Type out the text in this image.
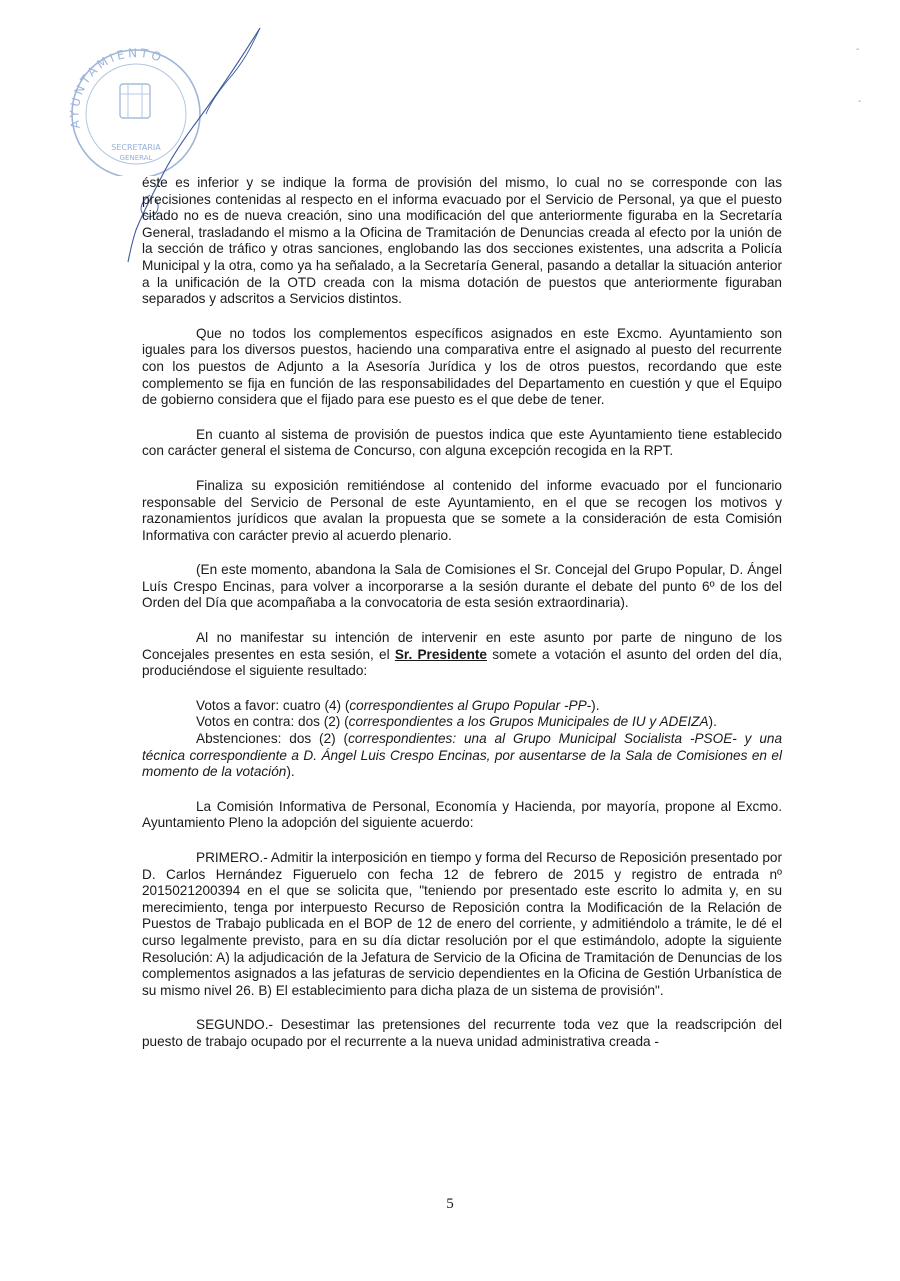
AYUNTAMIENTO
SECRETARIA
GENERAL
-
-

éste es inferior y se indique la forma de provisión del mismo, lo cual no se corresponde con las precisiones contenidas al respecto en el informa evacuado por el Servicio de Personal, ya que el puesto citado no es de nueva creación, sino una modificación del que anteriormente figuraba en la Secretaría General, trasladando el mismo a la Oficina de Tramitación de Denuncias creada al efecto por la unión de la sección de tráfico y otras sanciones, englobando las dos secciones existentes, una adscrita a Policía Municipal y la otra, como ya ha señalado, a la Secretaría General, pasando a detallar la situación anterior a la unificación de la OTD creada con la misma dotación de puestos que anteriormente figuraban separados y adscritos a Servicios distintos.

Que no todos los complementos específicos asignados en este Excmo. Ayuntamiento son iguales para los diversos puestos, haciendo una comparativa entre el asignado al puesto del recurrente con los puestos de Adjunto a la Asesoría Jurídica y los de otros puestos, recordando que este complemento se fija en función de las responsabilidades del Departamento en cuestión y que el Equipo de gobierno considera que el fijado para ese puesto es el que debe de tener.

En cuanto al sistema de provisión de puestos indica que este Ayuntamiento tiene establecido con carácter general el sistema de Concurso, con alguna excepción recogida en la RPT.

Finaliza su exposición remitiéndose al contenido del informe evacuado por el funcionario responsable del Servicio de Personal de este Ayuntamiento, en el que se recogen los motivos y razonamientos jurídicos que avalan la propuesta que se somete a la consideración de esta Comisión Informativa con carácter previo al acuerdo plenario.

(En este momento, abandona la Sala de Comisiones el Sr. Concejal del Grupo Popular, D. Ángel Luís Crespo Encinas, para volver a incorporarse a la sesión durante el debate del punto 6º de los del Orden del Día que acompañaba a la convocatoria de esta sesión extraordinaria).

Al no manifestar su intención de intervenir en este asunto por parte de ninguno de los Concejales presentes en esta sesión, el Sr. Presidente somete a votación el asunto del orden del día, produciéndose el siguiente resultado:

Votos a favor: cuatro (4) (correspondientes al Grupo Popular -PP-).

Votos en contra: dos (2) (correspondientes a los Grupos Municipales de IU y ADEIZA).

Abstenciones: dos (2) (correspondientes: una al Grupo Municipal Socialista -PSOE- y una técnica correspondiente a D. Ángel Luis Crespo Encinas, por ausentarse de la Sala de Comisiones en el momento de la votación).

La Comisión Informativa de Personal, Economía y Hacienda, por mayoría, propone al Excmo. Ayuntamiento Pleno la adopción del siguiente acuerdo:

PRIMERO.- Admitir la interposición en tiempo y forma del Recurso de Reposición presentado por D. Carlos Hernández Figueruelo con fecha 12 de febrero de 2015 y registro de entrada nº 2015021200394 en el que se solicita que, "teniendo por presentado este escrito lo admita y, en su merecimiento, tenga por interpuesto Recurso de Reposición contra la Modificación de la Relación de Puestos de Trabajo publicada en el BOP de 12 de enero del corriente, y admitiéndolo a trámite, le dé el curso legalmente previsto, para en su día dictar resolución por el que estimándolo, adopte la siguiente Resolución: A) la adjudicación de la Jefatura de Servicio de la Oficina de Tramitación de Denuncias de los complementos asignados a las jefaturas de servicio dependientes en la Oficina de Gestión Urbanística de su mismo nivel 26. B) El establecimiento para dicha plaza de un sistema de provisión".

SEGUNDO.- Desestimar las pretensiones del recurrente toda vez que la readscripción del puesto de trabajo ocupado por el recurrente a la nueva unidad administrativa creada -

5
